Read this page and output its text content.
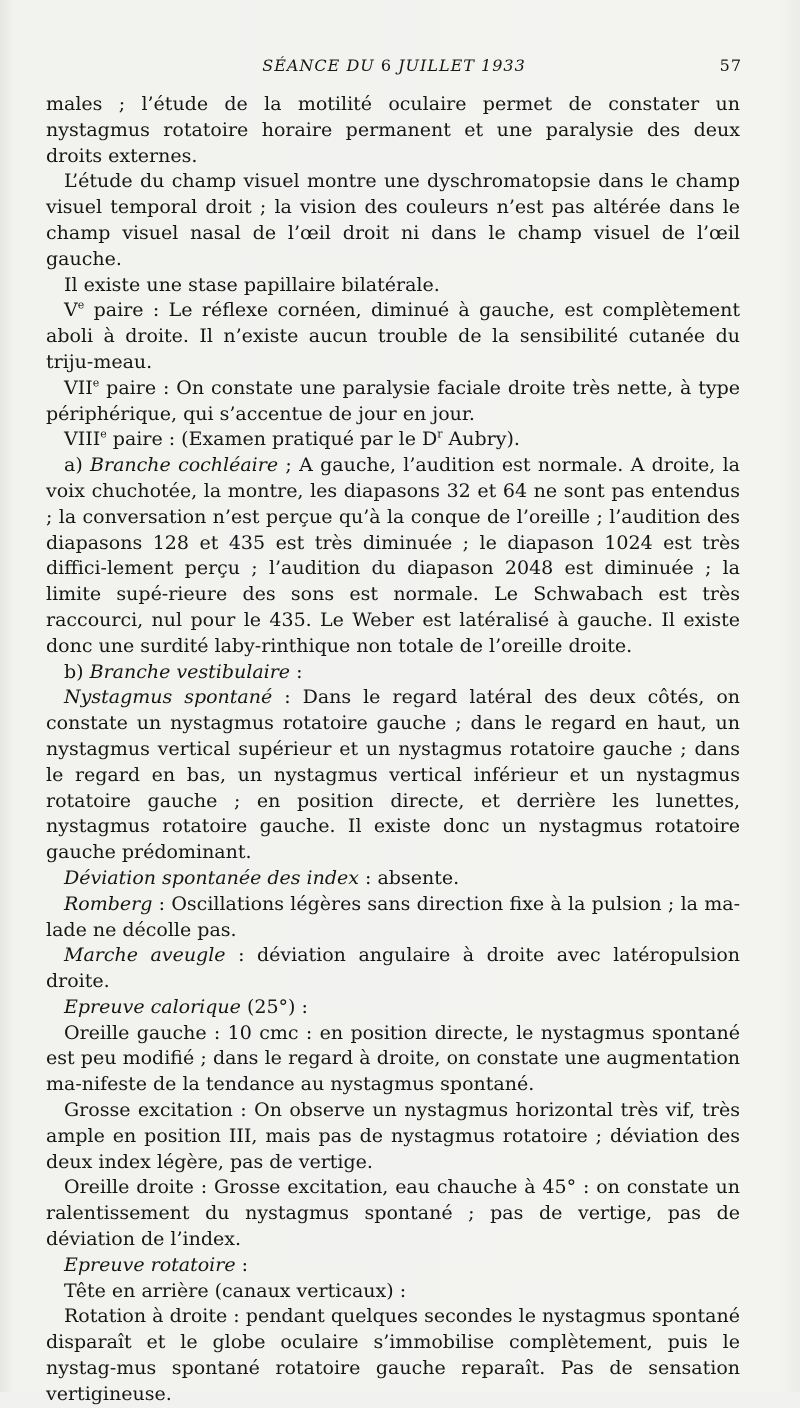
SÉANCE DU 6 JUILLET 1933	57

males ; l’étude de la motilité oculaire permet de constater un nystagmus rotatoire horaire permanent et une paralysie des deux droits externes.

L’étude du champ visuel montre une dyschromatopsie dans le champ visuel temporal droit ; la vision des couleurs n’est pas altérée dans le champ visuel nasal de l’œil droit ni dans le champ visuel de l’œil gauche.

Il existe une stase papillaire bilatérale.

Ve paire : Le réflexe cornéen, diminué à gauche, est complètement aboli à droite. Il n’existe aucun trouble de la sensibilité cutanée du triju-meau.

VIIe paire : On constate une paralysie faciale droite très nette, à type périphérique, qui s’accentue de jour en jour.

VIIIe paire : (Examen pratiqué par le $D^r$ Aubry).

a) Branche cochléaire ; A gauche, l’audition est normale. A droite, la voix chuchotée, la montre, les diapasons 32 et 64 ne sont pas entendus ; la conversation n’est perçue qu’à la conque de l’oreille ; l’audition des diapasons 128 et 435 est très diminuée ; le diapason 1024 est très diffici-lement perçu ; l’audition du diapason 2048 est diminuée ; la limite supé-rieure des sons est normale. Le Schwabach est très raccourci, nul pour le 435. Le Weber est latéralisé à gauche. Il existe donc une surdité laby-rinthique non totale de l’oreille droite.

b) Branche vestibulaire :

Nystagmus spontané : Dans le regard latéral des deux côtés, on constate un nystagmus rotatoire gauche ; dans le regard en haut, un nystagmus vertical supérieur et un nystagmus rotatoire gauche ; dans le regard en bas, un nystagmus vertical inférieur et un nystagmus rotatoire gauche ; en position directe, et derrière les lunettes, nystagmus rotatoire gauche. Il existe donc un nystagmus rotatoire gauche prédominant.

Déviation spontanée des index : absente.

Romberg : Oscillations légères sans direction fixe à la pulsion ; la ma-lade ne décolle pas.

Marche aveugle : déviation angulaire à droite avec latéropulsion droite.

Epreuve calorique (25°) :

Oreille gauche : 10 cmc : en position directe, le nystagmus spontané est peu modifié ; dans le regard à droite, on constate une augmentation ma-nifeste de la tendance au nystagmus spontané.

Grosse excitation : On observe un nystagmus horizontal très vif, très ample en position III, mais pas de nystagmus rotatoire ; déviation des deux index légère, pas de vertige.

Oreille droite : Grosse excitation, eau chauche à 45° : on constate un ralentissement du nystagmus spontané ; pas de vertige, pas de déviation de l’index.

Epreuve rotatoire :

Tête en arrière (canaux verticaux) :

Rotation à droite : pendant quelques secondes le nystagmus spontané disparaît et le globe oculaire s’immobilise complètement, puis le nystag-mus spontané rotatoire gauche reparaît. Pas de sensation vertigineuse.
